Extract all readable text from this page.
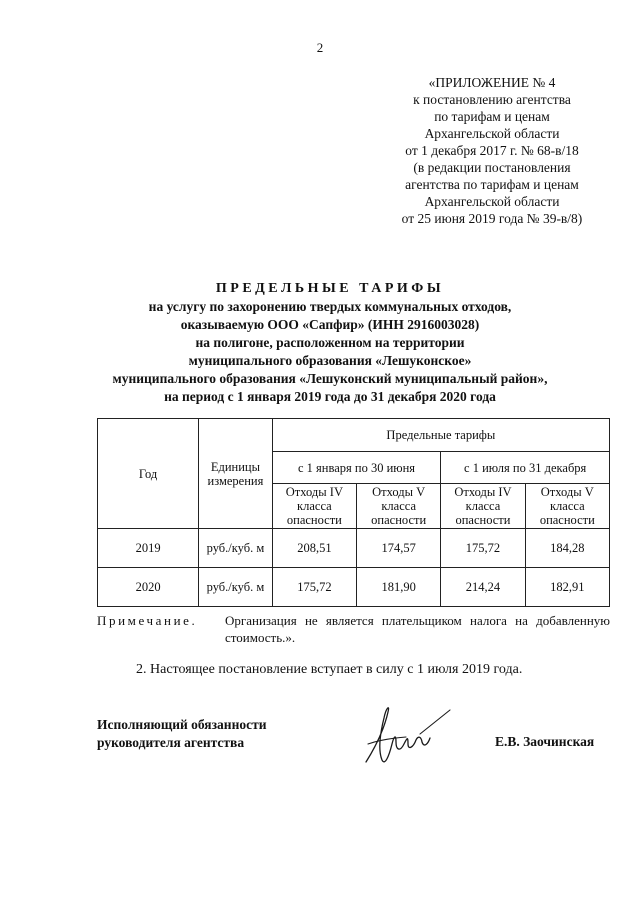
2
«ПРИЛОЖЕНИЕ № 4
к постановлению агентства
по тарифам и ценам
Архангельской области
от 1 декабря 2017 г. № 68-в/18
(в редакции постановления
агентства по тарифам и ценам
Архангельской области
от 25 июня 2019 года № 39-в/8)
ПРЕДЕЛЬНЫЕ ТАРИФЫ
на услугу по захоронению твердых коммунальных отходов,
оказываемую ООО «Сапфир» (ИНН 2916003028)
на полигоне, расположенном на территории
муниципального образования «Лешуконское»
муниципального образования «Лешуконский муниципальный район»,
на период с 1 января 2019 года до 31 декабря 2020 года
Год	Единицы измерения	Предельные тарифы			
		с 1 января по 30 июня		с 1 июля по 31 декабря	
		Отходы IV класса опасности	Отходы V класса опасности	Отходы IV класса опасности	Отходы V класса опасности
2019	руб./куб. м	208,51	174,57	175,72	184,28
2020	руб./куб. м	175,72	181,90	214,24	182,91
Примечание. Организация не является плательщиком налога на добавленную стоимость.».
2. Настоящее постановление вступает в силу с 1 июля 2019 года.
Исполняющий обязанности
руководителя агентства	Е.В. Заочинская
